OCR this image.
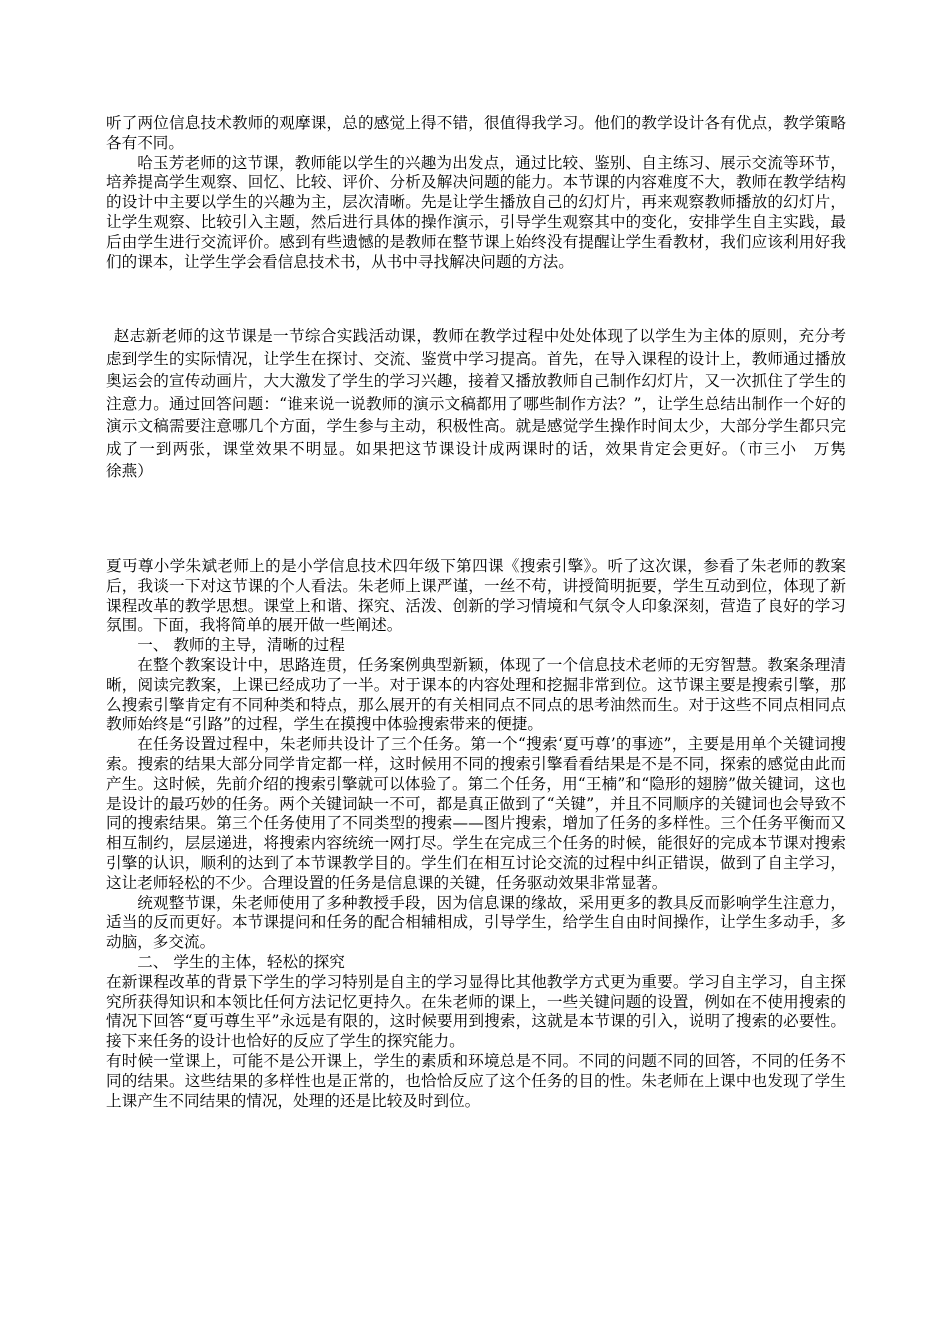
听了两位信息技术教师的观摩课，总的感觉上得不错，很值得我学习。他们的教学设计各有优点，教学策略各有不同。

哈玉芳老师的这节课，教师能以学生的兴趣为出发点，通过比较、鉴别、自主练习、展示交流等环节，培养提高学生观察、回忆、比较、评价、分析及解决问题的能力。本节课的内容难度不大，教师在教学结构的设计中主要以学生的兴趣为主，层次清晰。先是让学生播放自己的幻灯片，再来观察教师播放的幻灯片，让学生观察、比较引入主题，然后进行具体的操作演示，引导学生观察其中的变化，安排学生自主实践，最后由学生进行交流评价。感到有些遗憾的是教师在整节课上始终没有提醒让学生看教材，我们应该利用好我们的课本，让学生学会看信息技术书，从书中寻找解决问题的方法。

赵志新老师的这节课是一节综合实践活动课，教师在教学过程中处处体现了以学生为主体的原则，充分考虑到学生的实际情况，让学生在探讨、交流、鉴赏中学习提高。首先，在导入课程的设计上，教师通过播放奥运会的宣传动画片，大大激发了学生的学习兴趣，接着又播放教师自己制作幻灯片，又一次抓住了学生的注意力。通过回答问题：“谁来说一说教师的演示文稿都用了哪些制作方法？”，让学生总结出制作一个好的演示文稿需要注意哪几个方面，学生参与主动，积极性高。就是感觉学生操作时间太少，大部分学生都只完成了一到两张，课堂效果不明显。如果把这节课设计成两课时的话，效果肯定会更好。（市三小　万隽　　徐燕）

夏丏尊小学朱斌老师上的是小学信息技术四年级下第四课《搜索引擎》。听了这次课，参看了朱老师的教案后，我谈一下对这节课的个人看法。朱老师上课严谨，一丝不苟，讲授简明扼要，学生互动到位，体现了新课程改革的教学思想。课堂上和谐、探究、活泼、创新的学习情境和气氛令人印象深刻，营造了良好的学习氛围。下面，我将简单的展开做一些阐述。

一、 教师的主导，清晰的过程

在整个教案设计中，思路连贯，任务案例典型新颖，体现了一个信息技术老师的无穷智慧。教案条理清晰，阅读完教案，上课已经成功了一半。对于课本的内容处理和挖掘非常到位。这节课主要是搜索引擎，那么搜索引擎肯定有不同种类和特点，那么展开的有关相同点不同点的思考油然而生。对于这些不同点相同点教师始终是“引路”的过程，学生在摸搜中体验搜索带来的便捷。

在任务设置过程中，朱老师共设计了三个任务。第一个“搜索‘夏丏尊’的事迹”，主要是用单个关键词搜索。搜索的结果大部分同学肯定都一样，这时候用不同的搜索引擎看看结果是不是不同，探索的感觉由此而产生。这时候，先前介绍的搜索引擎就可以体验了。第二个任务，用“王楠”和“隐形的翅膀”做关键词，这也是设计的最巧妙的任务。两个关键词缺一不可，都是真正做到了“关键”，并且不同顺序的关键词也会导致不同的搜索结果。第三个任务使用了不同类型的搜索——图片搜索，增加了任务的多样性。三个任务平衡而又相互制约，层层递进，将搜索内容统统一网打尽。学生在完成三个任务的时候，能很好的完成本节课对搜索引擎的认识，顺利的达到了本节课教学目的。学生们在相互讨论交流的过程中纠正错误，做到了自主学习，这让老师轻松的不少。合理设置的任务是信息课的关键，任务驱动效果非常显著。

统观整节课，朱老师使用了多种教授手段，因为信息课的缘故，采用更多的教具反而影响学生注意力，适当的反而更好。本节课提问和任务的配合相辅相成，引导学生，给学生自由时间操作，让学生多动手，多动脑，多交流。

二、 学生的主体，轻松的探究

在新课程改革的背景下学生的学习特别是自主的学习显得比其他教学方式更为重要。学习自主学习，自主探究所获得知识和本领比任何方法记忆更持久。在朱老师的课上，一些关键问题的设置，例如在不使用搜索的情况下回答“夏丏尊生平”永远是有限的，这时候要用到搜索，这就是本节课的引入，说明了搜索的必要性。接下来任务的设计也恰好的反应了学生的探究能力。

有时候一堂课上，可能不是公开课上，学生的素质和环境总是不同。不同的问题不同的回答，不同的任务不同的结果。这些结果的多样性也是正常的，也恰恰反应了这个任务的目的性。朱老师在上课中也发现了学生上课产生不同结果的情况，处理的还是比较及时到位。
